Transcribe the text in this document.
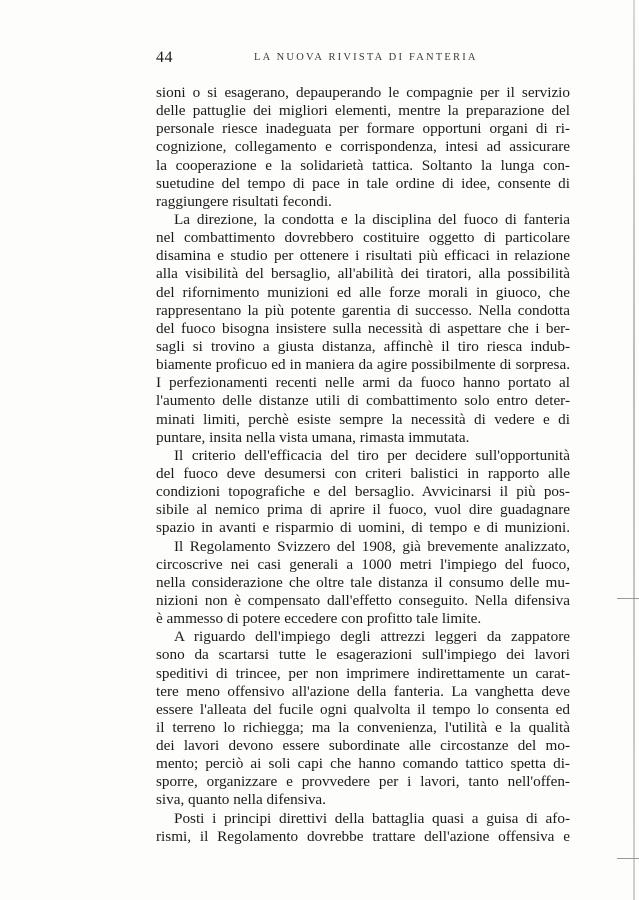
44	LA NUOVA RIVISTA DI FANTERIA
sioni o si esagerano, depauperando le compagnie per il servizio
delle pattuglie dei migliori elementi, mentre la preparazione del
personale riesce inadeguata per formare opportuni organi di ri-
cognizione, collegamento e corrispondenza, intesi ad assicurare
la cooperazione e la solidarietà tattica. Soltanto la lunga con-
suetudine del tempo di pace in tale ordine di idee, consente di
raggiungere risultati fecondi.
La direzione, la condotta e la disciplina del fuoco di fanteria
nel combattimento dovrebbero costituire oggetto di particolare
disamina e studio per ottenere i risultati più efficaci in relazione
alla visibilità del bersaglio, all'abilità dei tiratori, alla possibilità
del rifornimento munizioni ed alle forze morali in giuoco, che
rappresentano la più potente garentia di successo. Nella condotta
del fuoco bisogna insistere sulla necessità di aspettare che i ber-
sagli si trovino a giusta distanza, affinchè il tiro riesca indub-
biamente proficuo ed in maniera da agire possibilmente di sorpresa.
I perfezionamenti recenti nelle armi da fuoco hanno portato al
l'aumento delle distanze utili di combattimento solo entro deter-
minati limiti, perchè esiste sempre la necessità di vedere e di
puntare, insita nella vista umana, rimasta immutata.
Il criterio dell'efficacia del tiro per decidere sull'opportunità
del fuoco deve desumersi con criteri balistici in rapporto alle
condizioni topografiche e del bersaglio. Avvicinarsi il più pos-
sibile al nemico prima di aprire il fuoco, vuol dire guadagnare
spazio in avanti e risparmio di uomini, di tempo e di munizioni.
Il Regolamento Svizzero del 1908, già brevemente analizzato,
circoscrive nei casi generali a 1000 metri l'impiego del fuoco,
nella considerazione che oltre tale distanza il consumo delle mu-
nizioni non è compensato dall'effetto conseguito. Nella difensiva
è ammesso di potere eccedere con profitto tale limite.
A riguardo dell'impiego degli attrezzi leggeri da zappatore
sono da scartarsi tutte le esagerazioni sull'impiego dei lavori
speditivi di trincee, per non imprimere indirettamente un carat-
tere meno offensivo all'azione della fanteria. La vanghetta deve
essere l'alleata del fucile ogni qualvolta il tempo lo consenta ed
il terreno lo richiegga; ma la convenienza, l'utilità e la qualità
dei lavori devono essere subordinate alle circostanze del mo-
mento; perciò ai soli capi che hanno comando tattico spetta di-
sporre, organizzare e provvedere per i lavori, tanto nell'offen-
siva, quanto nella difensiva.
Posti i principi direttivi della battaglia quasi a guisa di afo-
rismi, il Regolamento dovrebbe trattare dell'azione offensiva e
